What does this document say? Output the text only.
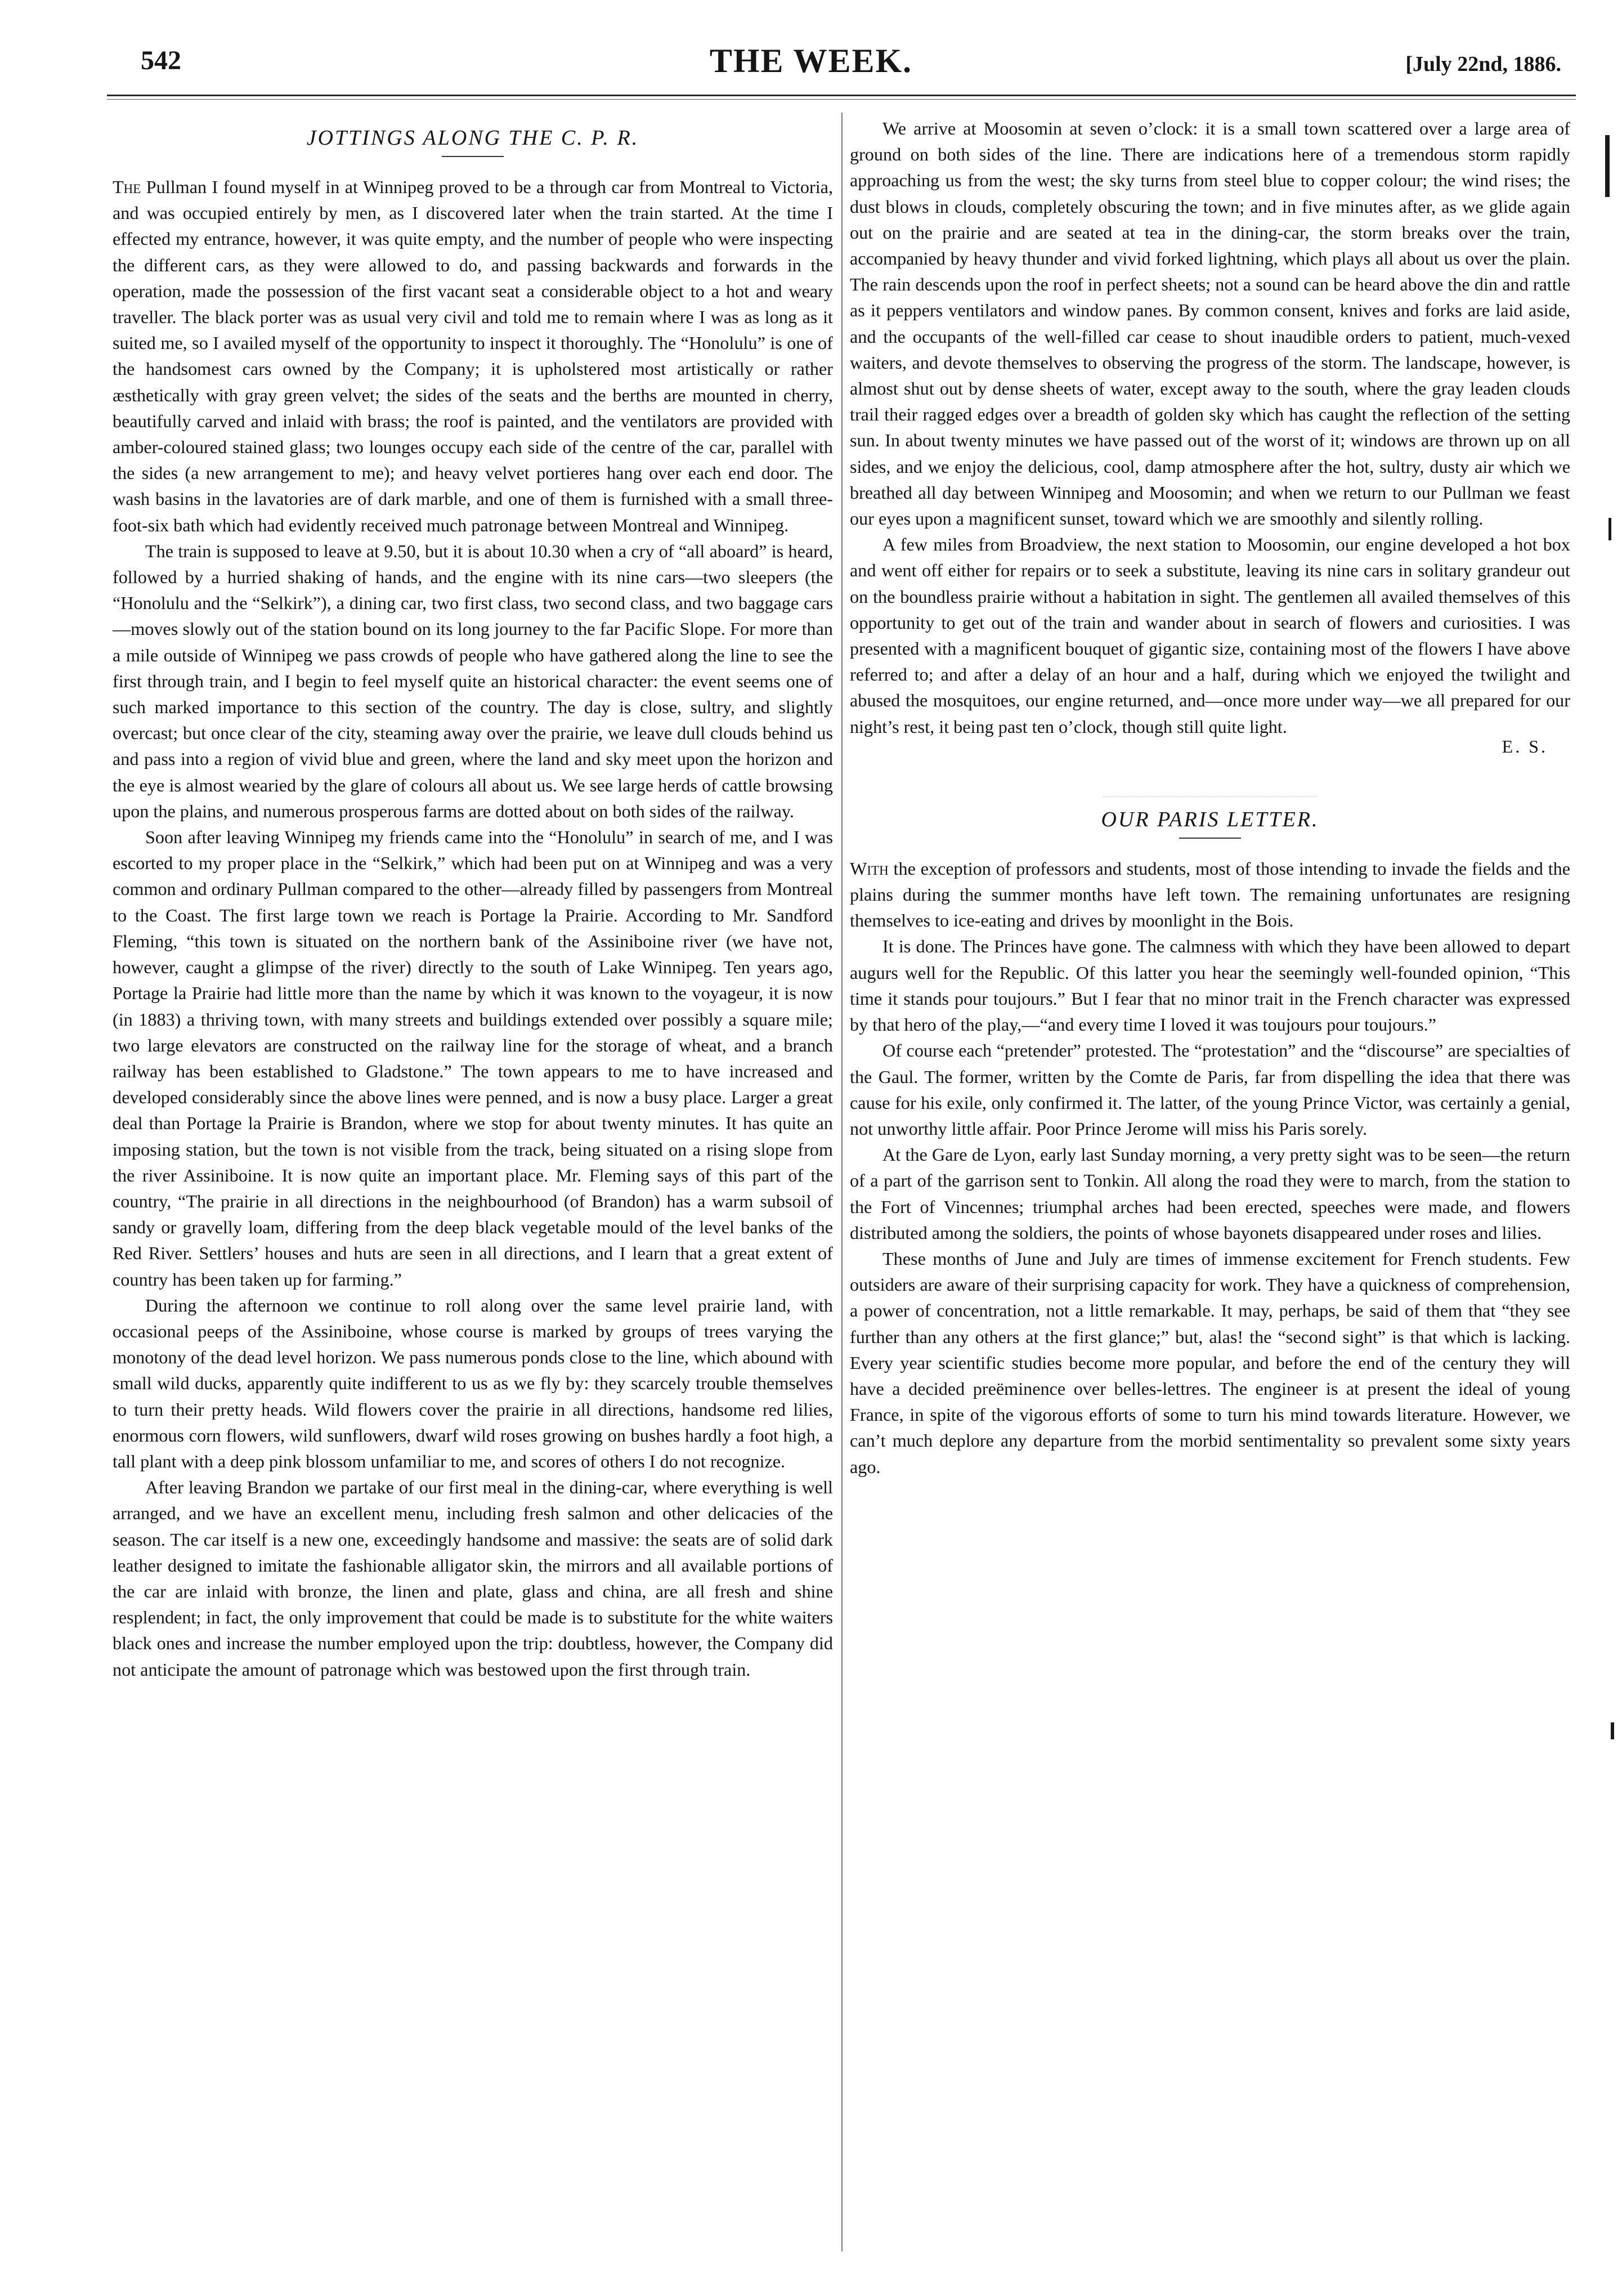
542	THE WEEK.	[July 22nd, 1886.
JOTTINGS ALONG THE C. P. R.

The Pullman I found myself in at Winnipeg proved to be a through car from Montreal to Victoria, and was occupied entirely by men, as I discovered later when the train started. At the time I effected my entrance, however, it was quite empty, and the number of people who were inspecting the different cars, as they were allowed to do, and passing backwards and forwards in the operation, made the possession of the first vacant seat a considerable object to a hot and weary traveller. The black porter was as usual very civil and told me to remain where I was as long as it suited me, so I availed myself of the opportunity to inspect it thoroughly. The “Honolulu” is one of the handsomest cars owned by the Company; it is upholstered most artistically or rather æsthetically with gray green velvet; the sides of the seats and the berths are mounted in cherry, beautifully carved and inlaid with brass; the roof is painted, and the ventilators are provided with amber-coloured stained glass; two lounges occupy each side of the centre of the car, parallel with the sides (a new arrangement to me); and heavy velvet portieres hang over each end door. The wash basins in the lavatories are of dark marble, and one of them is furnished with a small three-foot-six bath which had evidently received much patronage between Montreal and Winnipeg.

The train is supposed to leave at 9.50, but it is about 10.30 when a cry of “all aboard” is heard, followed by a hurried shaking of hands, and the engine with its nine cars—two sleepers (the “Honolulu and the “Selkirk”), a dining car, two first class, two second class, and two baggage cars—moves slowly out of the station bound on its long journey to the far Pacific Slope. For more than a mile outside of Winnipeg we pass crowds of people who have gathered along the line to see the first through train, and I begin to feel myself quite an historical character: the event seems one of such marked importance to this section of the country. The day is close, sultry, and slightly overcast; but once clear of the city, steaming away over the prairie, we leave dull clouds behind us and pass into a region of vivid blue and green, where the land and sky meet upon the horizon and the eye is almost wearied by the glare of colours all about us. We see large herds of cattle browsing upon the plains, and numerous prosperous farms are dotted about on both sides of the railway.

Soon after leaving Winnipeg my friends came into the “Honolulu” in search of me, and I was escorted to my proper place in the “Selkirk,” which had been put on at Winnipeg and was a very common and ordinary Pullman compared to the other—already filled by passengers from Montreal to the Coast. The first large town we reach is Portage la Prairie. According to Mr. Sandford Fleming, “this town is situated on the northern bank of the Assiniboine river (we have not, however, caught a glimpse of the river) directly to the south of Lake Winnipeg. Ten years ago, Portage la Prairie had little more than the name by which it was known to the voyageur, it is now (in 1883) a thriving town, with many streets and buildings extended over possibly a square mile; two large elevators are constructed on the railway line for the storage of wheat, and a branch railway has been established to Gladstone.” The town appears to me to have increased and developed considerably since the above lines were penned, and is now a busy place. Larger a great deal than Portage la Prairie is Brandon, where we stop for about twenty minutes. It has quite an imposing station, but the town is not visible from the track, being situated on a rising slope from the river Assiniboine. It is now quite an important place. Mr. Fleming says of this part of the country, “The prairie in all directions in the neighbourhood (of Brandon) has a warm subsoil of sandy or gravelly loam, differing from the deep black vegetable mould of the level banks of the Red River. Settlers’ houses and huts are seen in all directions, and I learn that a great extent of country has been taken up for farming.”

During the afternoon we continue to roll along over the same level prairie land, with occasional peeps of the Assiniboine, whose course is marked by groups of trees varying the monotony of the dead level horizon. We pass numerous ponds close to the line, which abound with small wild ducks, apparently quite indifferent to us as we fly by: they scarcely trouble themselves to turn their pretty heads. Wild flowers cover the prairie in all directions, handsome red lilies, enormous corn flowers, wild sunflowers, dwarf wild roses growing on bushes hardly a foot high, a tall plant with a deep pink blossom unfamiliar to me, and scores of others I do not recognize.

After leaving Brandon we partake of our first meal in the dining-car, where everything is well arranged, and we have an excellent menu, including fresh salmon and other delicacies of the season. The car itself is a new one, exceedingly handsome and massive: the seats are of solid dark leather designed to imitate the fashionable alligator skin, the mirrors and all available portions of the car are inlaid with bronze, the linen and plate, glass and china, are all fresh and shine resplendent; in fact, the only improvement that could be made is to substitute for the white waiters black ones and increase the number employed upon the trip: doubtless, however, the Company did not anticipate the amount of patronage which was bestowed upon the first through train.

We arrive at Moosomin at seven o’clock: it is a small town scattered over a large area of ground on both sides of the line. There are indications here of a tremendous storm rapidly approaching us from the west; the sky turns from steel blue to copper colour; the wind rises; the dust blows in clouds, completely obscuring the town; and in five minutes after, as we glide again out on the prairie and are seated at tea in the dining-car, the storm breaks over the train, accompanied by heavy thunder and vivid forked lightning, which plays all about us over the plain. The rain descends upon the roof in perfect sheets; not a sound can be heard above the din and rattle as it peppers ventilators and window panes. By common consent, knives and forks are laid aside, and the occupants of the well-filled car cease to shout inaudible orders to patient, much-vexed waiters, and devote themselves to observing the progress of the storm. The landscape, however, is almost shut out by dense sheets of water, except away to the south, where the gray leaden clouds trail their ragged edges over a breadth of golden sky which has caught the reflection of the setting sun. In about twenty minutes we have passed out of the worst of it; windows are thrown up on all sides, and we enjoy the delicious, cool, damp atmosphere after the hot, sultry, dusty air which we breathed all day between Winnipeg and Moosomin; and when we return to our Pullman we feast our eyes upon a magnificent sunset, toward which we are smoothly and silently rolling.

A few miles from Broadview, the next station to Moosomin, our engine developed a hot box and went off either for repairs or to seek a substitute, leaving its nine cars in solitary grandeur out on the boundless prairie without a habitation in sight. The gentlemen all availed themselves of this opportunity to get out of the train and wander about in search of flowers and curiosities. I was presented with a magnificent bouquet of gigantic size, containing most of the flowers I have above referred to; and after a delay of an hour and a half, during which we enjoyed the twilight and abused the mosquitoes, our engine returned, and—once more under way—we all prepared for our night’s rest, it being past ten o’clock, though still quite light.

E. S.
OUR PARIS LETTER.

With the exception of professors and students, most of those intending to invade the fields and the plains during the summer months have left town. The remaining unfortunates are resigning themselves to ice-eating and drives by moonlight in the Bois.

It is done. The Princes have gone. The calmness with which they have been allowed to depart augurs well for the Republic. Of this latter you hear the seemingly well-founded opinion, “This time it stands pour toujours.” But I fear that no minor trait in the French character was expressed by that hero of the play,—“and every time I loved it was toujours pour toujours.”

Of course each “pretender” protested. The “protestation” and the “discourse” are specialties of the Gaul. The former, written by the Comte de Paris, far from dispelling the idea that there was cause for his exile, only confirmed it. The latter, of the young Prince Victor, was certainly a genial, not unworthy little affair. Poor Prince Jerome will miss his Paris sorely.

At the Gare de Lyon, early last Sunday morning, a very pretty sight was to be seen—the return of a part of the garrison sent to Tonkin. All along the road they were to march, from the station to the Fort of Vincennes; triumphal arches had been erected, speeches were made, and flowers distributed among the soldiers, the points of whose bayonets disappeared under roses and lilies.

These months of June and July are times of immense excitement for French students. Few outsiders are aware of their surprising capacity for work. They have a quickness of comprehension, a power of concentration, not a little remarkable. It may, perhaps, be said of them that “they see further than any others at the first glance;” but, alas! the “second sight” is that which is lacking. Every year scientific studies become more popular, and before the end of the century they will have a decided preëminence over belles-lettres. The engineer is at present the ideal of young France, in spite of the vigorous efforts of some to turn his mind towards literature. However, we can’t much deplore any departure from the morbid sentimentality so prevalent some sixty years ago.
